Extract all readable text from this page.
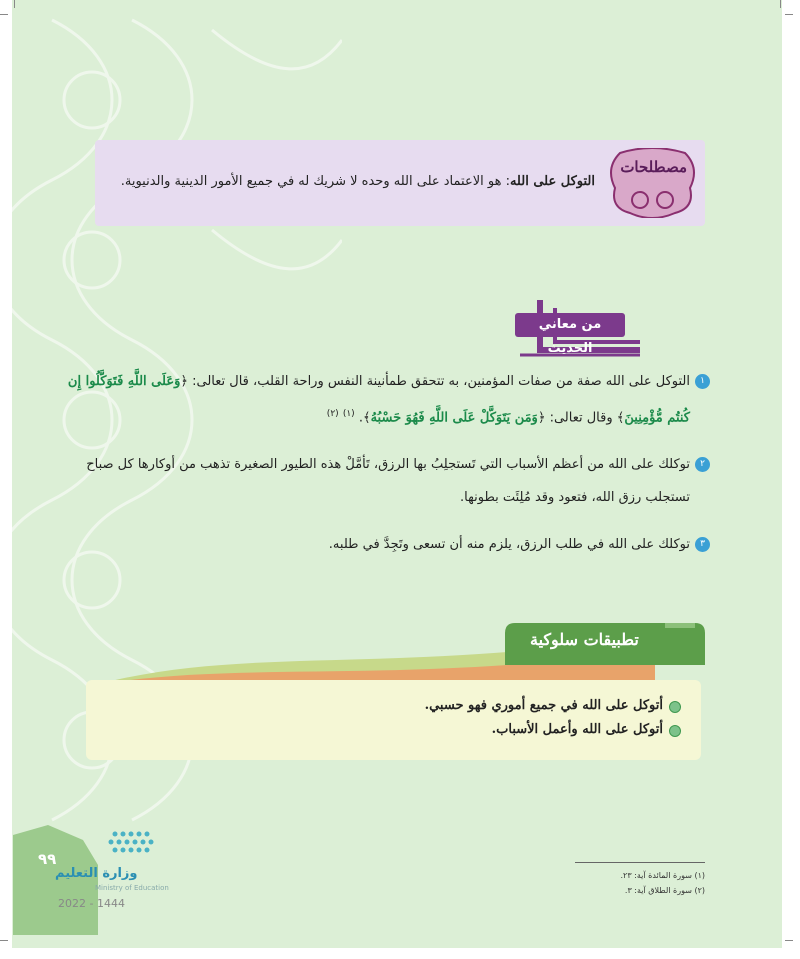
التوكل على الله: هو الاعتماد على الله وحده لا شريك له في جميع الأمور الدينية والدنيوية.
مصطلحات
من معاني الحديث
١
التوكل على الله صفة من صفات المؤمنين، به تتحقق طمأنينة النفس وراحة القلب، قال تعالى: ﴿وَعَلَى اللَّهِ فَتَوَكَّلُوا إِن كُنتُم مُّؤْمِنِينَ﴾ وقال تعالى: ﴿وَمَن يَتَوَكَّلْ عَلَى اللَّهِ فَهُوَ حَسْبُهُ﴾. $^{(١)}$ $^{(٢)}$
٢
توكلك على الله من أعظم الأسباب التي تَستجلِبُ بها الرزق، تَأمَّلْ هذه الطيور الصغيرة تذهب من أوكارها كل صباح تستجلب رزق الله، فتعود وقد مُلِئَت بطونها.
٣
توكلك على الله في طلب الرزق، يلزم منه أن تسعى وتَجِدَّ في طلبه.
تطبيقات سلوكية
أتوكل على الله في جميع أموري فهو حسبي.
أتوكل على الله وأعمل الأسباب.
(١) سورة المائدة آية: ٢٣.
(٢) سورة الطلاق آية: ٣.
٩٩
وزارة التعليم
Ministry of Education
2022 - 1444
